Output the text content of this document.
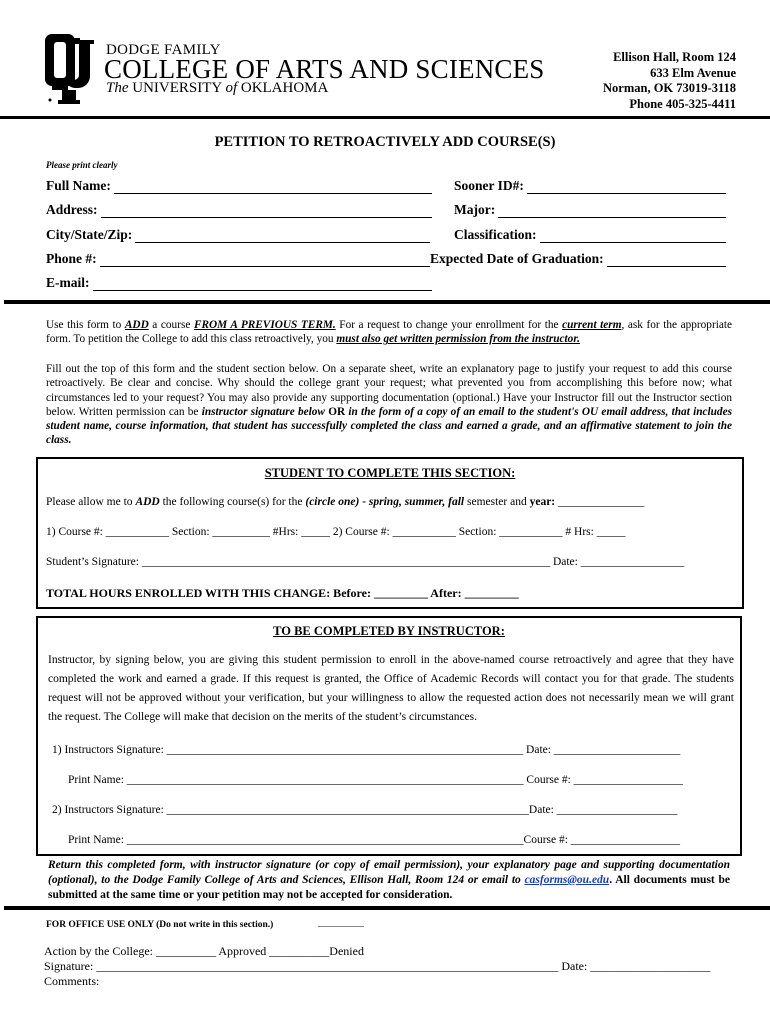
DODGE FAMILY
COLLEGE OF ARTS AND SCIENCES
The UNIVERSITY of OKLAHOMA
Ellison Hall, Room 124
633 Elm Avenue
Norman, OK 73019-3118
Phone 405-325-4411
PETITION TO RETROACTIVELY ADD COURSE(S)
Please print clearly
Full Name:
Address:
City/State/Zip:
Phone #:
E-mail:
Sooner ID#:
Major:
Classification:
Expected Date of Graduation:
Use this form to ADD a course FROM A PREVIOUS TERM. For a request to change your enrollment for the current term, ask for the appropriate form. To petition the College to add this class retroactively, you must also get written permission from the instructor.
Fill out the top of this form and the student section below. On a separate sheet, write an explanatory page to justify your request to add this course retroactively. Be clear and concise. Why should the college grant your request; what prevented you from accomplishing this before now; what circumstances led to your request? You may also provide any supporting documentation (optional.) Have your Instructor fill out the Instructor section below. Written permission can be instructor signature below OR in the form of a copy of an email to the student's OU email address, that includes student name, course information, that student has successfully completed the class and earned a grade, and an affirmative statement to join the class.
STUDENT TO COMPLETE THIS SECTION:
Please allow me to ADD the following course(s) for the (circle one) - spring, summer, fall semester and year: _______________
1) Course #: ___________ Section: __________ #Hrs: _____ 2) Course #: ___________ Section: ___________ # Hrs: _____
Student’s Signature: _______________________________________________________________________ Date: __________________
TOTAL HOURS ENROLLED WITH THIS CHANGE: Before: _________ After: _________
TO BE COMPLETED BY INSTRUCTOR:
Instructor, by signing below, you are giving this student permission to enroll in the above-named course retroactively and agree that they have completed the work and earned a grade. If this request is granted, the Office of Academic Records will contact you for that grade. The students request will not be approved without your verification, but your willingness to allow the requested action does not necessarily mean we will grant the request. The College will make that decision on the merits of the student’s circumstances.
1) Instructors Signature: ______________________________________________________________ Date: ______________________
Print Name: _____________________________________________________________________ Course #: ___________________
2) Instructors Signature: _______________________________________________________________Date: _____________________
Print Name: _____________________________________________________________________Course #: ___________________
Return this completed form, with instructor signature (or copy of email permission), your explanatory page and supporting documentation (optional), to the Dodge Family College of Arts and Sciences, Ellison Hall, Room 124 or email to casforms@ou.edu. All documents must be submitted at the same time or your petition may not be accepted for consideration.
FOR OFFICE USE ONLY (Do not write in this section.)
Action by the College: __________ Approved __________Denied
Signature: _____________________________________________________________________________ Date: ____________________
Comments:
